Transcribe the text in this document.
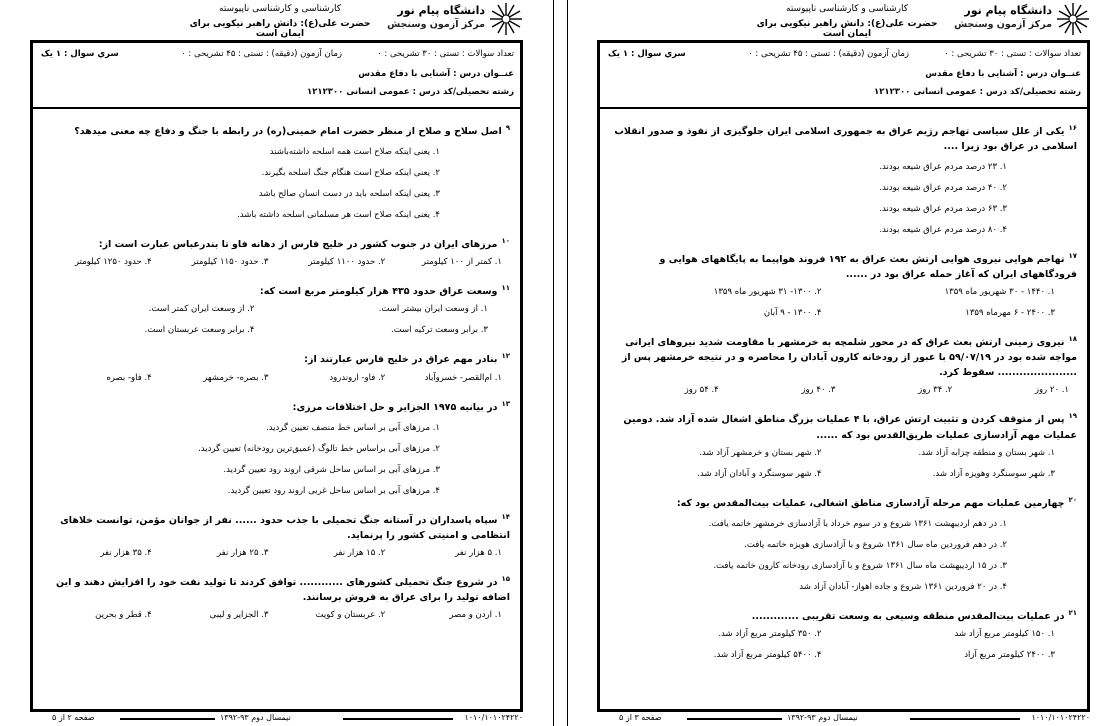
دانشگاه پیام نور
مرکز آزمون وسنجش
کارشناسی و کارشناسی ناپیوسته
حضرت علی(ع): دانش راهبر نیکویی برای ایمان است
تعداد سوالات : تستی : ۳۰ تشریحی : ۰
زمان آزمون (دقیقه) : تستی : ۴۵ تشریحی : ۰
سري سوال : ۱ یک
عنــوان درس : آشنایی با دفاع مقدس
رشته تحصیلی/کد درس : عمومی انسانی ۱۲۱۲۳۰۰
$^۹$اصل سلاح و صلاح از منظر حضرت امام خمینی(ره) در رابطه با جنگ و دفاع چه معنی میدهد؟
۱. یعنی اینکه صلاح است همه اسلحه داشته‌باشند
۲. یعنی اینکه صلاح است هنگام جنگ اسلحه بگیرند.
۳. یعنی اینکه اسلحه باید در دست انسان صالح باشد
۴. یعنی اینکه صلاح است هر مسلمانی اسلحه داشته باشد.
$^{۱۰}$مرزهای ایران در جنوب کشور در خلیج فارس از دهانه فاو تا بندرعباس عبارت است از:
۱. کمتر از ۱۰۰ کیلومتر
۲. حدود ۱۱۰۰ کیلومتر
۳. حدود ۱۱۵۰ کیلومتر
۴. حدود ۱۲۵۰ کیلومتر
$^{۱۱}$وسعت عراق حدود ۴۳۵ هزار کیلومتر مربع است که:
۱. از وسعت ایران بیشتر است.
۲. از وسعت ایران کمتر است.
۳. برابر وسعت ترکیه است.
۴. برابر وسعت عربستان است.
$^{۱۲}$بنادر مهم عراق در خلیج فارس عبارتند از:
۱. ام‌القصر- خسروآباد
۲. فاو- اروندرود
۳. بصره- خرمشهر
۴. فاو- بصره
$^{۱۳}$در بیانیه ۱۹۷۵ الجزایر و حل اختلافات مرزی:
۱. مرزهای آبی بر اساس خط منصف تعیین گردید.
۲. مرزهای آبی براساس خط تالوگ (عمیق‌ترین رودخانه) تعیین گردید.
۳. مرزهای آبی بر اساس ساحل شرقی اروند رود تعیین گردید.
۴. مرزهای آبی بر اساس ساحل غربی اروند رود تعیین گردید.
$^{۱۴}$سپاه پاسداران در آستانه جنگ تحمیلی با جذب حدود ...... نفر از جوانان مؤمن، توانست خلاهای انتظامی و امنیتی کشور را پرنماید.
۱. ۵ هزار نفر
۲. ۱۵ هزار نفر
۳. ۲۵ هزار نفر
۴. ۳۵ هزار نفر
$^{۱۵}$در شروع جنگ تحمیلی کشورهای ............ توافق کردند تا تولید نفت خود را افزایش دهند و این اضافه تولید را برای عراق به فروش برسانند.
۱. اردن و مصر
۲. عربستان و کویت
۳. الجزایر و لیبی
۴. قطر و بحرین
۱۰۱۰/۱۰۱۰۲۴۲۲۰
نیمسال دوم ۹۳-۱۳۹۲
صفحه ۲ از ۵
دانشگاه پیام نور
مرکز آزمون وسنجش
کارشناسی و کارشناسی ناپیوسته
حضرت علی(ع): دانش راهبر نیکویی برای ایمان است
تعداد سوالات : تستی : ۳۰ تشریحی : ۰
زمان آزمون (دقیقه) : تستی : ۴۵ تشریحی : ۰
سري سوال : ۱ یک
عنــوان درس : آشنایی با دفاع مقدس
رشته تحصیلی/کد درس : عمومی انسانی ۱۲۱۲۳۰۰
$^{۱۶}$یکی از علل سیاسی تهاجم رژیم عراق به جمهوری اسلامی ایران جلوگیزی از نفوذ و صدور انقلاب اسلامی در عراق بود زیرا ....
۱. ۲۳ درصد مردم عراق شیعه بودند.
۲. ۴۰ درصد مردم عراق شیعه بودند.
۳. ۶۳ درصد مردم عراق شیعه بودند.
۴. ۸۰ درصد مردم عراق شیعه بودند.
$^{۱۷}$تهاجم هوایی نیروی هوایی ارتش بعث عراق به ۱۹۲ فروند هواپیما به پایگاههای هوایی و فرودگاههای ایران که آغاز حمله عراق بود در ......
۱. ۱۴۴۰ - ۳۰ شهریور ماه ۱۳۵۹
۲. ۱۳۰۰- ۳۱ شهریور ماه ۱۳۵۹
۳. ۲۴۰۰ - ۶ مهرماه ۱۳۵۹
۴. ۱۳۰۰ - ۹ آبان
$^{۱۸}$نیروی زمینی ارتش بعث عراق که در محور شلمچه به خرمشهر با مقاومت شدید نیروهای ایرانی مواجه شده بود در ۵۹/۰۷/۱۹ با عبور از رودخانه کارون آبادان را محاصره و در نتیجه خرمشهر پس از ...................... سقوط کرد.
۱. ۲۰ روز
۲. ۳۴ روز
۳. ۴۰ روز
۴. ۵۴ روز
$^{۱۹}$پس از متوقف کردن و تثبیت ارتش عراق، با ۴ عملیات بزرگ مناطق اشغال شده آزاد شد. دومین عملیات مهم آزادسازی عملیات طریق‌القدس بود که ......
۱. شهر بستان و منطقه چزابه آزاد شد.
۲. شهر بستان و خرمشهر آزاد شد.
۳. شهر سوسنگرد وهویزه آزاد شد.
۴. شهر سوسنگرد و آبادان آزاد شد.
$^{۲۰}$چهارمین عملیات مهم مرحله آزادسازی مناطق اشغالی، عملیات بیت‌المقدس بود که:
۱. در دهم اردیبهشت ۱۳۶۱ شروع و در سوم خرداد با آزادسازی خرمشهر خاتمه یافت.
۲. در دهم فروردین ماه سال ۱۳۶۱ شروع و با آزادسازی هویزه خاتمه یافت.
۳. در ۱۵ اردیبهشت ماه سال ۱۳۶۱ شروع و با آزادسازی رودخانه کارون خاتمه یافت.
۴. در ۲۰ فروردین ۱۳۶۱ شروع و جاده اهواز- آبادان آزاد شد
$^{۲۱}$در عملیات بیت‌المقدس منطقه وسیعی به وسعت تقریبی .............
۱. ۱۵۰ کیلومتر مربع آزاد شد
۲. ۳۵۰ کیلومتر مربع آزاد شد.
۳. ۲۴۰۰ کیلومتر مربع آزاد
۴. ۵۴۰۰ کیلومتر مربع آزاد شد.
۱۰۱۰/۱۰۱۰۲۴۲۲۰
نیمسال دوم ۹۳-۱۳۹۲
صفحه ۳ از ۵
